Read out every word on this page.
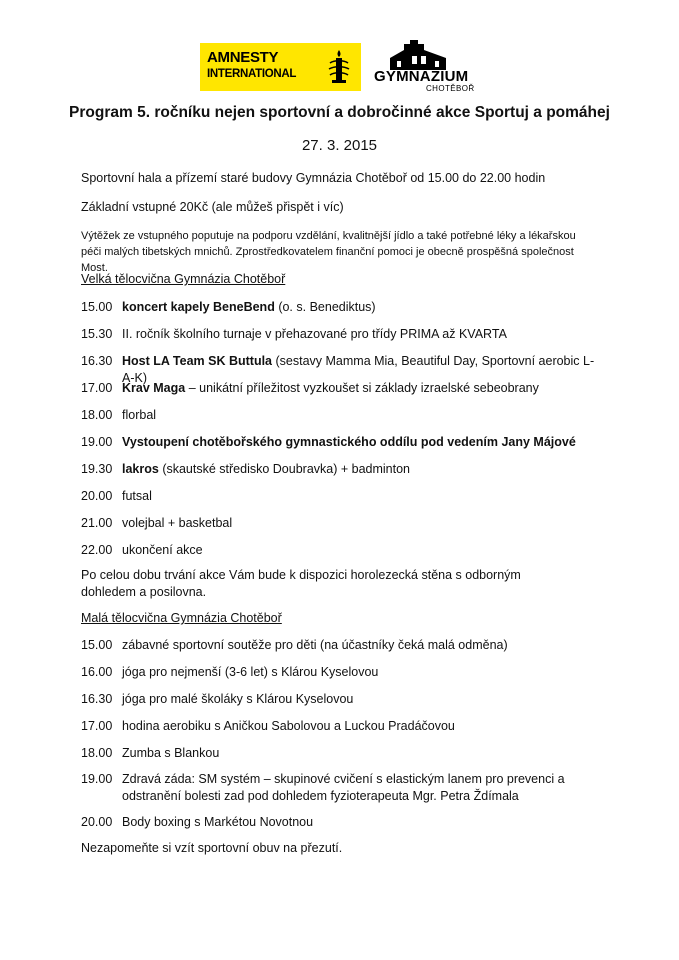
AMNESTY
INTERNATIONAL	GYMNÁZIUM
CHOTĚBOŘ
Program 5. ročníku nejen sportovní a dobročinné akce Sportuj a pomáhej
27. 3. 2015
Sportovní hala a přízemí staré budovy Gymnázia Chotěboř od 15.00 do 22.00 hodin
Základní vstupné 20Kč (ale můžeš přispět i víc)
Výtěžek ze vstupného poputuje na podporu vzdělání, kvalitnější jídlo a také potřebné léky a lékařskou péči malých tibetských mnichů. Zprostředkovatelem finanční pomoci je obecně prospěšná společnost Most.
Velká tělocvična Gymnázia Chotěboř
15.00 koncert kapely BeneBend (o. s. Benediktus)
15.30 II. ročník školního turnaje v přehazované pro třídy PRIMA až KVARTA
16.30 Host LA Team SK Buttula (sestavy Mamma Mia, Beautiful Day, Sportovní aerobic L-A-K)
17.00 Krav Maga – unikátní příležitost vyzkoušet si základy izraelské sebeobrany
18.00 florbal
19.00 Vystoupení chotěbořského gymnastického oddílu pod vedením Jany Májové
19.30 lakros (skautské středisko Doubravka) + badminton
20.00 futsal
21.00 volejbal + basketbal
22.00 ukončení akce
Po celou dobu trvání akce Vám bude k dispozici horolezecká stěna s odborným dohledem a posilovna.
Malá tělocvična Gymnázia Chotěboř
15.00 zábavné sportovní soutěže pro děti (na účastníky čeká malá odměna)
16.00 jóga pro nejmenší (3-6 let) s Klárou Kyselovou
16.30 jóga pro malé školáky s Klárou Kyselovou
17.00 hodina aerobiku s Aničkou Sabolovou a Luckou Pradáčovou
18.00 Zumba s Blankou
19.00 Zdravá záda: SM systém – skupinové cvičení s elastickým lanem pro prevenci a odstranění bolesti zad pod dohledem fyzioterapeuta Mgr. Petra Ždímala
20.00 Body boxing s Markétou Novotnou
Nezapomeňte si vzít sportovní obuv na přezutí.
